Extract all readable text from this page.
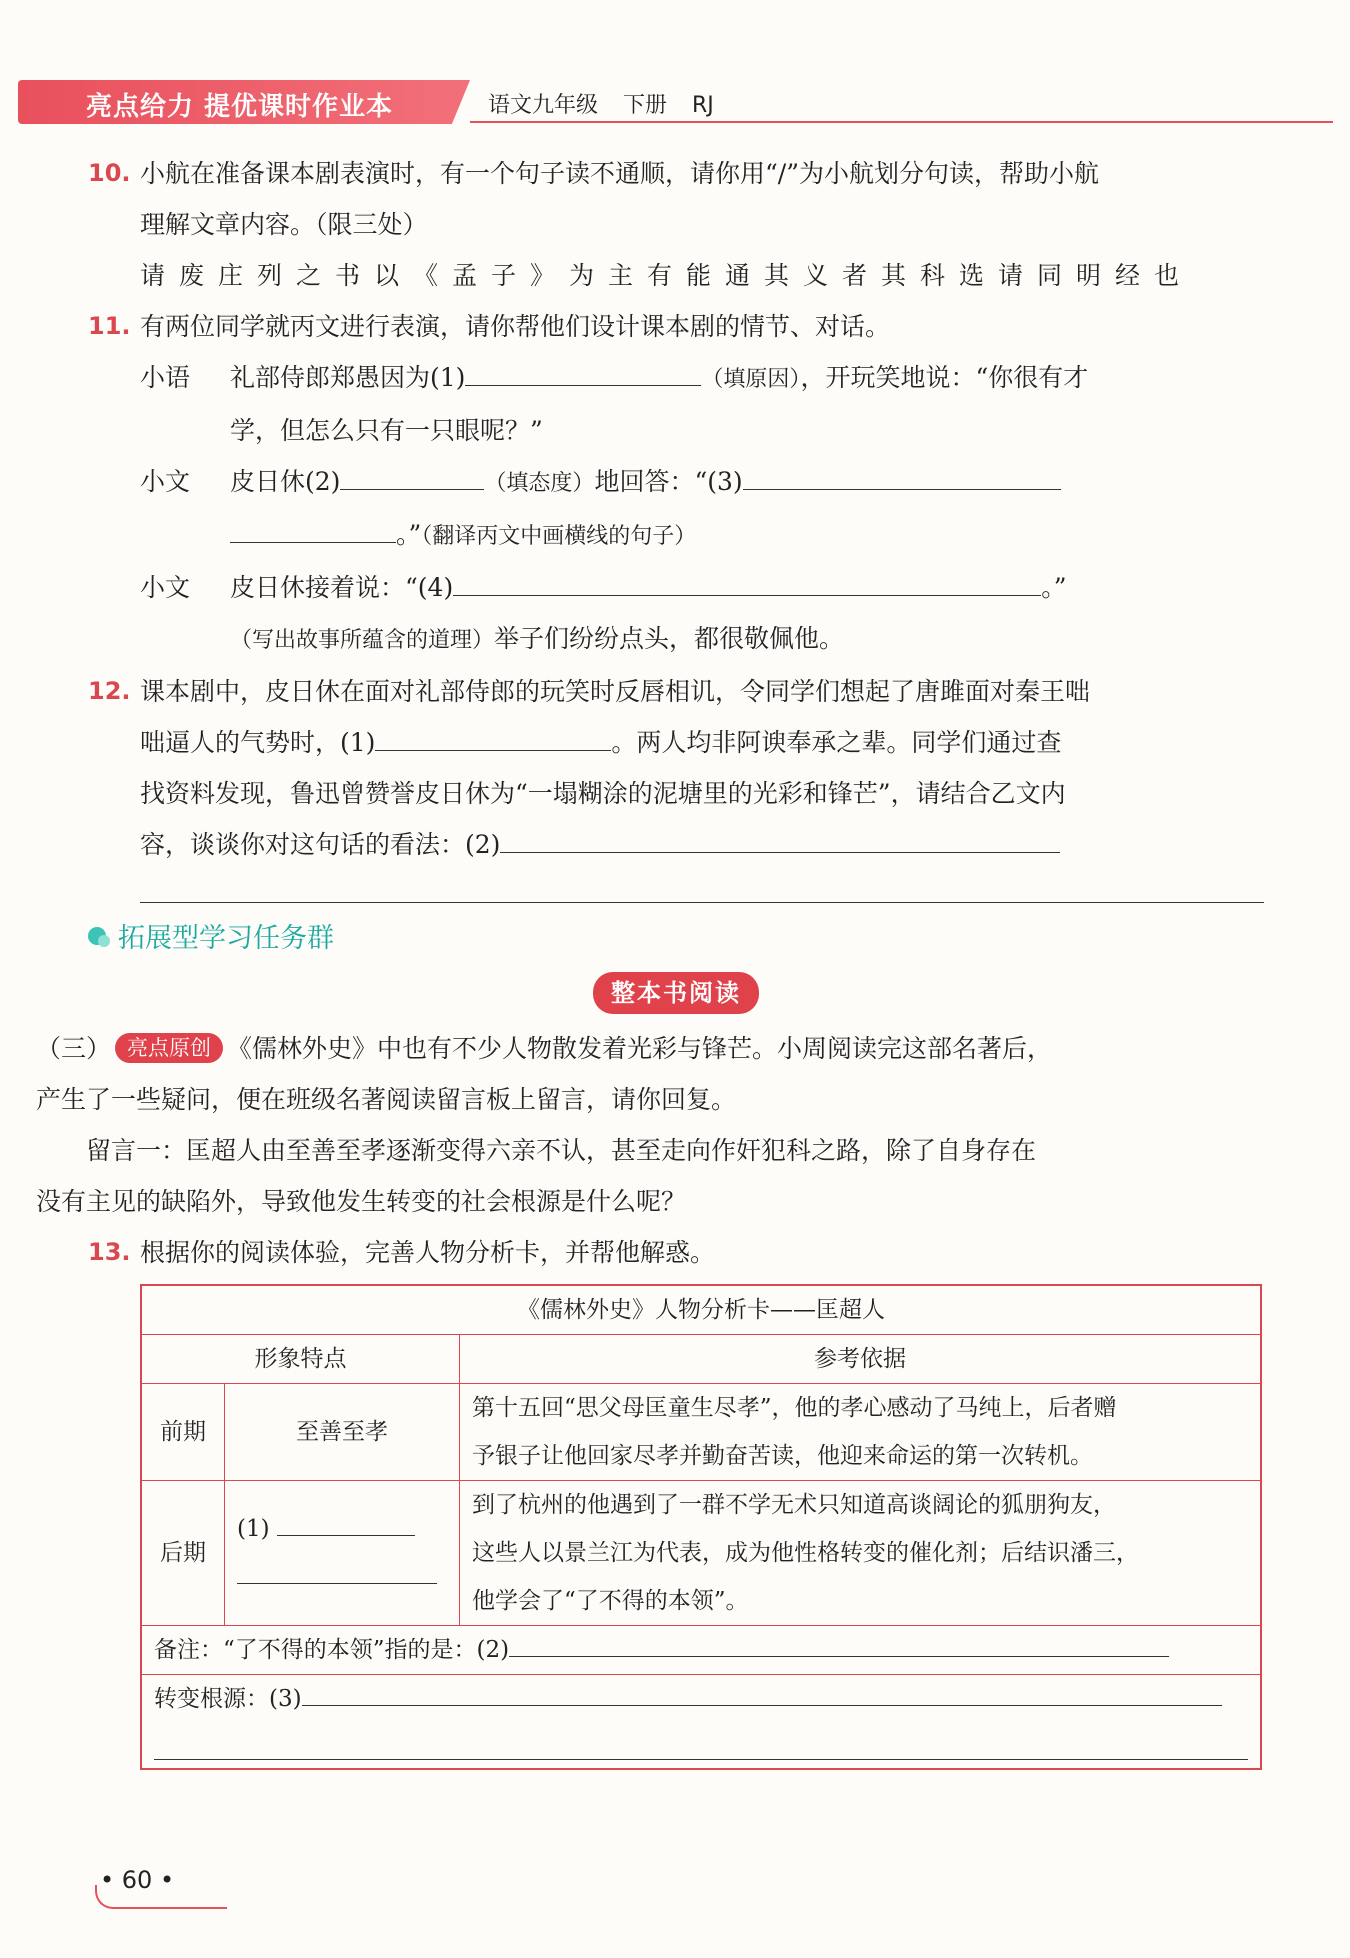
亮点给力 提优课时作业本	语文九年级 下册 RJ
10. 小航在准备课本剧表演时，有一个句子读不通顺，请你用“/”为小航划分句读，帮助小航
理解文章内容。（限三处）
请废庄列之书以《孟子》为主有能通其义者其科选请同明经也
11. 有两位同学就丙文进行表演，请你帮他们设计课本剧的情节、对话。
小语 礼部侍郎郑愚因为(1)	（填原因），开玩笑地说：“你很有才
学，但怎么只有一只眼呢？”
小文 皮日休(2)	（填态度）地回答：“(3)
。”（翻译丙文中画横线的句子）
小文 皮日休接着说：“(4)	。”
（写出故事所蕴含的道理）举子们纷纷点头，都很敬佩他。
12. 课本剧中，皮日休在面对礼部侍郎的玩笑时反唇相讥，令同学们想起了唐雎面对秦王咄
咄逼人的气势时，(1)	。两人均非阿谀奉承之辈。同学们通过查
找资料发现，鲁迅曾赞誉皮日休为“一塌糊涂的泥塘里的光彩和锋芒”，请结合乙文内
容，谈谈你对这句话的看法：(2)
拓展型学习任务群
整本书阅读
（三） 亮点原创 《儒林外史》中也有不少人物散发着光彩与锋芒。小周阅读完这部名著后，
产生了一些疑问，便在班级名著阅读留言板上留言，请你回复。
留言一：匡超人由至善至孝逐渐变得六亲不认，甚至走向作奸犯科之路，除了自身存在
没有主见的缺陷外，导致他发生转变的社会根源是什么呢？
13. 根据你的阅读体验，完善人物分析卡，并帮他解惑。
《儒林外史》人物分析卡——匡超人		
形象特点		参考依据
前期	至善至孝	第十五回“思父母匡童生尽孝”，他的孝心感动了马纯上，后者赠
予银子让他回家尽孝并勤奋苦读，他迎来命运的第一次转机。

后期	(1)	到了杭州的他遇到了一群不学无术只知道高谈阔论的狐朋狗友，
这些人以景兰江为代表，成为他性格转变的催化剂；后结识潘三，
他学会了“了不得的本领”。

备注：“了不得的本领”指的是：(2)		

转变根源：(3)		
• 60 •
